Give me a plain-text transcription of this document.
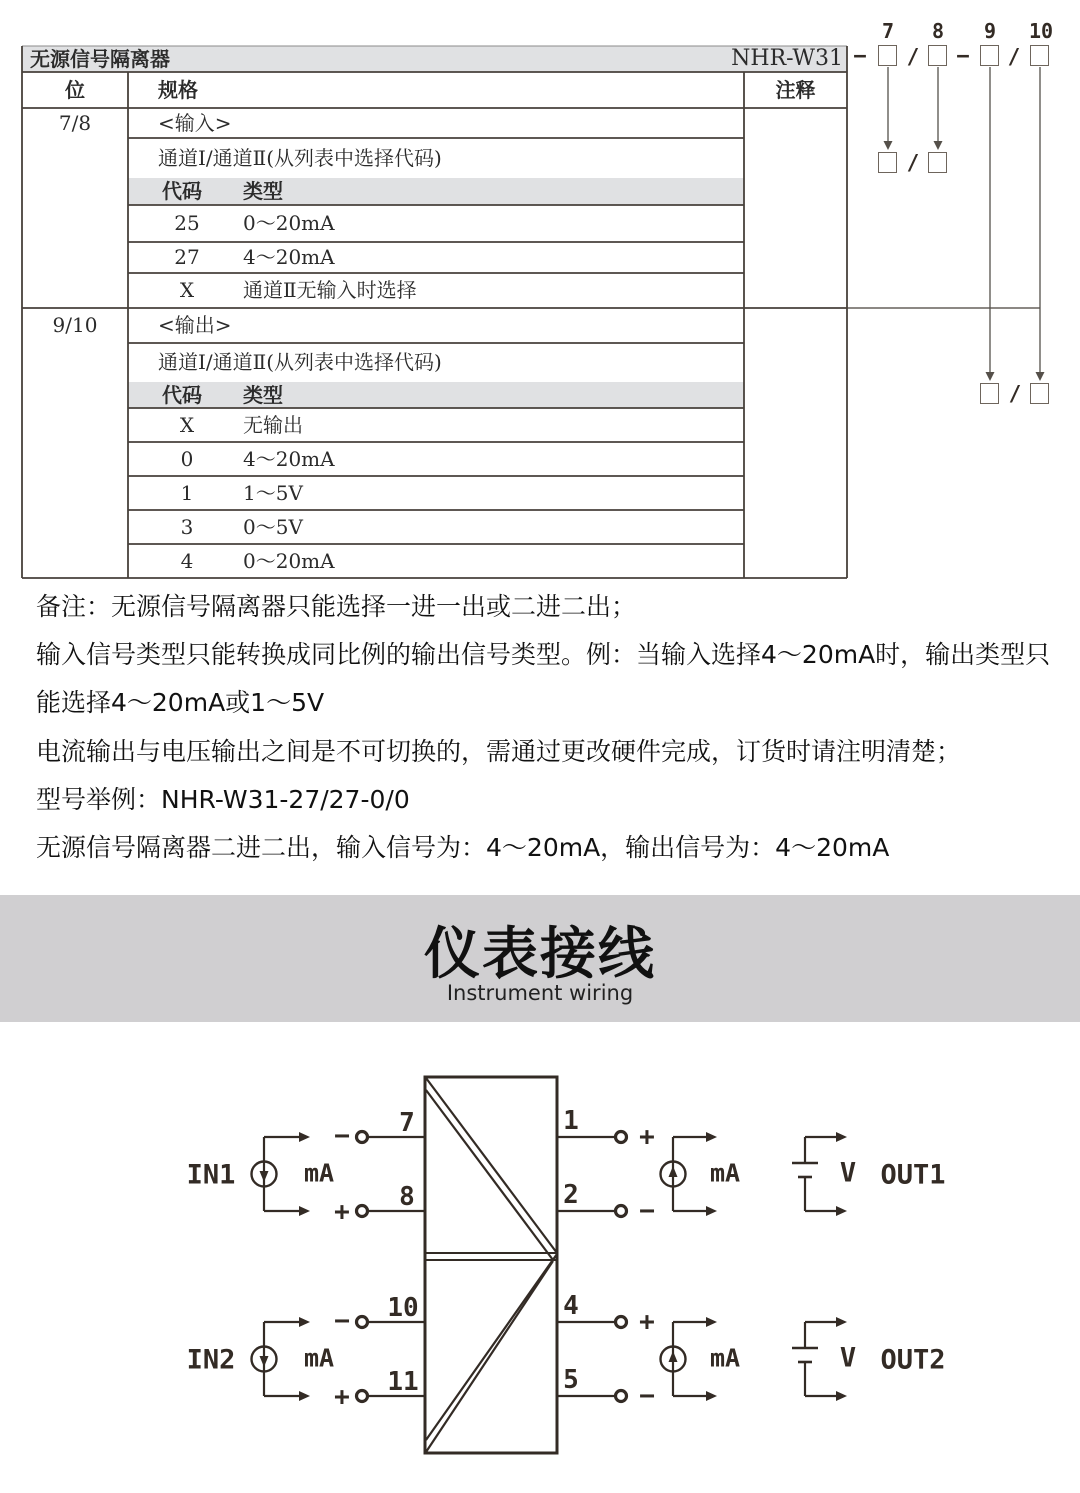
无源信号隔离器	NHR-W31
位	规格	注释
7/8	<输入>
通道Ⅰ/通道Ⅱ(从列表中选择代码)
代码 类型
25	0～20mA
27	4～20mA
X	通道Ⅱ无输入时选择
9/10	<输出>
通道Ⅰ/通道Ⅱ(从列表中选择代码)
代码 类型
X	无输出
0	4～20mA
1	1～5V
3	0～5V
4	0～20mA
7 8 9 10
− / − /
/
/
备注：无源信号隔离器只能选择一进一出或二进二出；
输入信号类型只能转换成同比例的输出信号类型。例：当输入选择4～20mA时，输出类型只
能选择4～20mA或1～5V
电流输出与电压输出之间是不可切换的，需通过更改硬件完成，订货时请注明清楚；
型号举例：NHR-W31-27/27-0/0
无源信号隔离器二进二出，输入信号为：4～20mA，输出信号为：4～20mA
仪表接线
Instrument wiring
IN1	mA
−
+
7
8
1
2
+
−
mA	V OUT1
IN2	mA
−
+
10
11
4
5
+
−
mA	V OUT2
